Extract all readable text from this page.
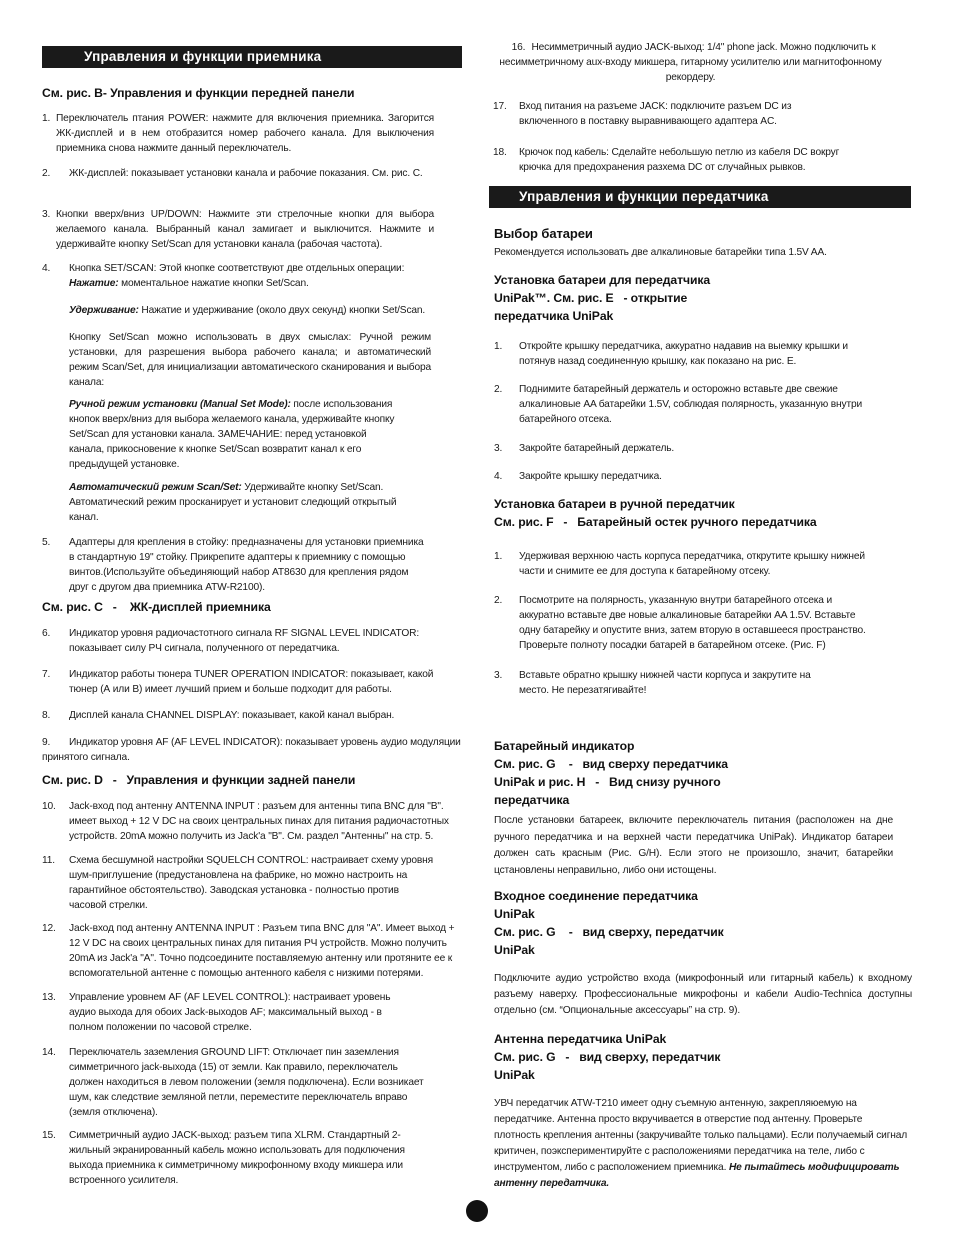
Управления и функции приемника
См. рис. B- Управления и функции передней панели
1. Переключатель птания POWER: нажмите для включения приемника. Загорится ЖК-дисплей и в нем отобразится номер рабочего канала. Для выключения приемника снова нажмите данный переключатель.
2.	ЖК-дисплей: показывает установки канала и рабочие показания. См. рис. С.
3. Кнопки вверх/вниз UP/DOWN: Нажмите эти стрелочные кнопки для выбора желаемого канала. Выбранный канал замигает и выключится. Нажмите и удерживайте кнопку Set/Scan для установки канала (рабочая частота).
4.	Кнопка SET/SCAN: Этой кнопке соответствуют две отдельных операции:
Нажатие: моментальное нажатие кнопки Set/Scan.
Удерживание: Нажатие и удерживание (около двух секунд) кнопки Set/Scan.
Кнопку Set/Scan можно использовать в двух смыслах: Ручной режим установки, для разрешения выбора рабочего канала; и автоматический режим Scan/Set, для инициализации автоматического сканирования и выбора канала:
Ручной режим установки (Manual Set Mode): после использования кнопок вверх/вниз для выбора желаемого канала, удерживайте кнопку Set/Scan для установки канала. ЗАМЕЧАНИЕ: перед установкой канала, прикосновение к кнопке Set/Scan возвратит канал к его предыдущей установке.
Автоматический режим Scan/Set: Удерживайте кнопку Set/Scan. Автоматический режим просканирует и установит следющий открытый канал.
5.	Адаптеры для крепления в стойку: предназначены для установки приемника в стандартную 19" стойку. Прикрепите адаптеры к приемнику с помощью винтов.(Используйте объединяющий набор AT8630 для крепления рядом друг с другом два приемника ATW-R2100).
См. рис. С   -    ЖК-дисплей приемника
6.	Индикатор уровня радиочастотного сигнала RF SIGNAL LEVEL INDICATOR: показывает силу РЧ сигнала, полученного от передатчика.
7.	Индикатор работы тюнера TUNER OPERATION INDICATOR: показывает, какой тюнер (А или В) имеет лучший прием и больше подходит для работы.
8.	Дисплей канала CHANNEL DISPLAY: показывает, какой канал выбран.
9. Индикатор уровня AF (AF LEVEL INDICATOR): показывает уровень аудио модуляции принятого сигнала.
См. рис. D   -   Управления и функции задней панели
10.	Jack-вход под антенну ANTENNA INPUT : разъем для антенны типа BNC для "B". имеет выход + 12 V DC на своих центральных пинах для питания радиочастотных устройств. 20mA можно получить из Jack'a "B". См. раздел "Антенны" на стр. 5.
11.	Схема бесшумной настройки SQUELCH CONTROL: настраивает схему уровня шум-приглушение (предустановлена на фабрике, но можно настроить на гарантийное обстоятельство). Заводская установка - полностью против часовой стрелки.
12.	Jack-вход под антенну ANTENNA INPUT : Разъем типа BNC для "A". Имеет выход + 12 V DC на своих центральных пинах для питания РЧ устройств. Можно получить 20mA из Jack'a "A". Точно подсоедините поставляемую антенну или протяните ее к вспомогательной антенне с помощью антенного кабеля с низкими потерями.
13.	Управление уровнем AF (AF LEVEL CONTROL): настраивает уровень аудио выхода для обоих Jack-выходов AF; максимальный выход - в полном положении по часовой стрелке.
14.	Переключатель заземления GROUND LIFT: Отключает пин заземления симметричного jack-выхода (15) от земли. Как правило, переключатель должен находиться в левом положении (земля подключена). Если возникает шум, как следствие земляной петли, переместите переключатель вправо (земля отключена).
15.	Симметричный аудио JACK-выход: разъем типа XLRM. Стандартный 2-жильный экранированный кабель можно использовать для подключения выхода приемника к симметричному микрофонному входу микшера или встроенного усилителя.
16. Несимметричный аудио JACK-выход: 1/4" phone jack. Можно подключить к несимметричному aux-входу микшера, гитарному усилителю или магнитофонному рекордеру.
17.	Вход питания на разъеме JACK: подключите разъем DC из включенного в поставку выравнивающего адаптера AC.
18.	Крючок под кабель: Сделайте небольшую петлю из кабеля DC вокруг крючка для предохранения разхема DC от случайных рывков.
Управления и функции передатчика
Выбор батареи
Рекомендуется использовать две алкалиновые батарейки типа 1.5V AA.
Установка батареи для передатчика
UniPak™. См. рис. E   - открытие
передатчика UniPak
1.	Откройте крышку передатчика, аккуратно надавив на выемку крышки и потянув назад соединенную крышку, как показано на рис. E.
2.	Поднимите батарейный держатель и осторожно вставьте две свежие алкалиновые AA батарейки 1.5V, соблюдая полярность, указанную внутри батарейного отсека.
3.	Закройте батарейный держатель.
4.	Закройте крышку передатчика.
Установка батареи в ручной передатчик
См. рис. F   -   Батарейный остек ручного передатчика
1.	Удерживая верхнюю часть корпуса передатчика, открутите крышку нижней части и снимите ее для доступа к батарейному отсеку.
2.	Посмотрите на полярность, указанную внутри батарейного отсека и аккуратно вставьте две новые алкалиновые батарейки AA 1.5V. Вставьте одну батарейку и опустите вниз, затем вторую в оставшееся пространство. Проверьте полноту посадки батарей в батарейном отсеке. (Рис. F)
3.	Вставьте обратно крышку нижней части корпуса и закрутите на место. Не перезатягивайте!
Батарейный индикатор
См. рис. G    -   вид сверху передатчика
UniPak и рис. H   -   Вид снизу ручного
передатчика
После установки батареек, включите переключатель питания (расположен на дне ручного передатчика и на верхней части передатчика UniPak). Индикатор батареи должен сать красным (Рис. G/H). Если этого не произошло, значит, батарейки цстановлены неправильно, либо они истощены.
Входное соединение передатчика
UniPak
См. рис. G    -   вид сверху, передатчик
UniPak
Подключите аудио устройство входа (микрофонный или гитарный кабель) к входному разъему наверху. Профессиональные микрофоны и кабели Audio-Technica доступны отдельно (см. “Опциональные аксессуары” на стр. 9).
Антенна передатчика UniPak
См. рис. G   -   вид сверху, передатчик
UniPak
УВЧ передатчик ATW-T210 имеет одну съемную антенную, закрепляюемую на передатчике. Антенна просто вкручивается в отверстие под антенну. Проверьте плотность крепления антенны (закручивайте только пальцами). Если получаемый сигнал критичен, поэкспериментируйте с расположениями передатчика на теле, либо с инструментом, либо с расположением приемника. Не пытайтесь модифицировать антенну передатчика.
